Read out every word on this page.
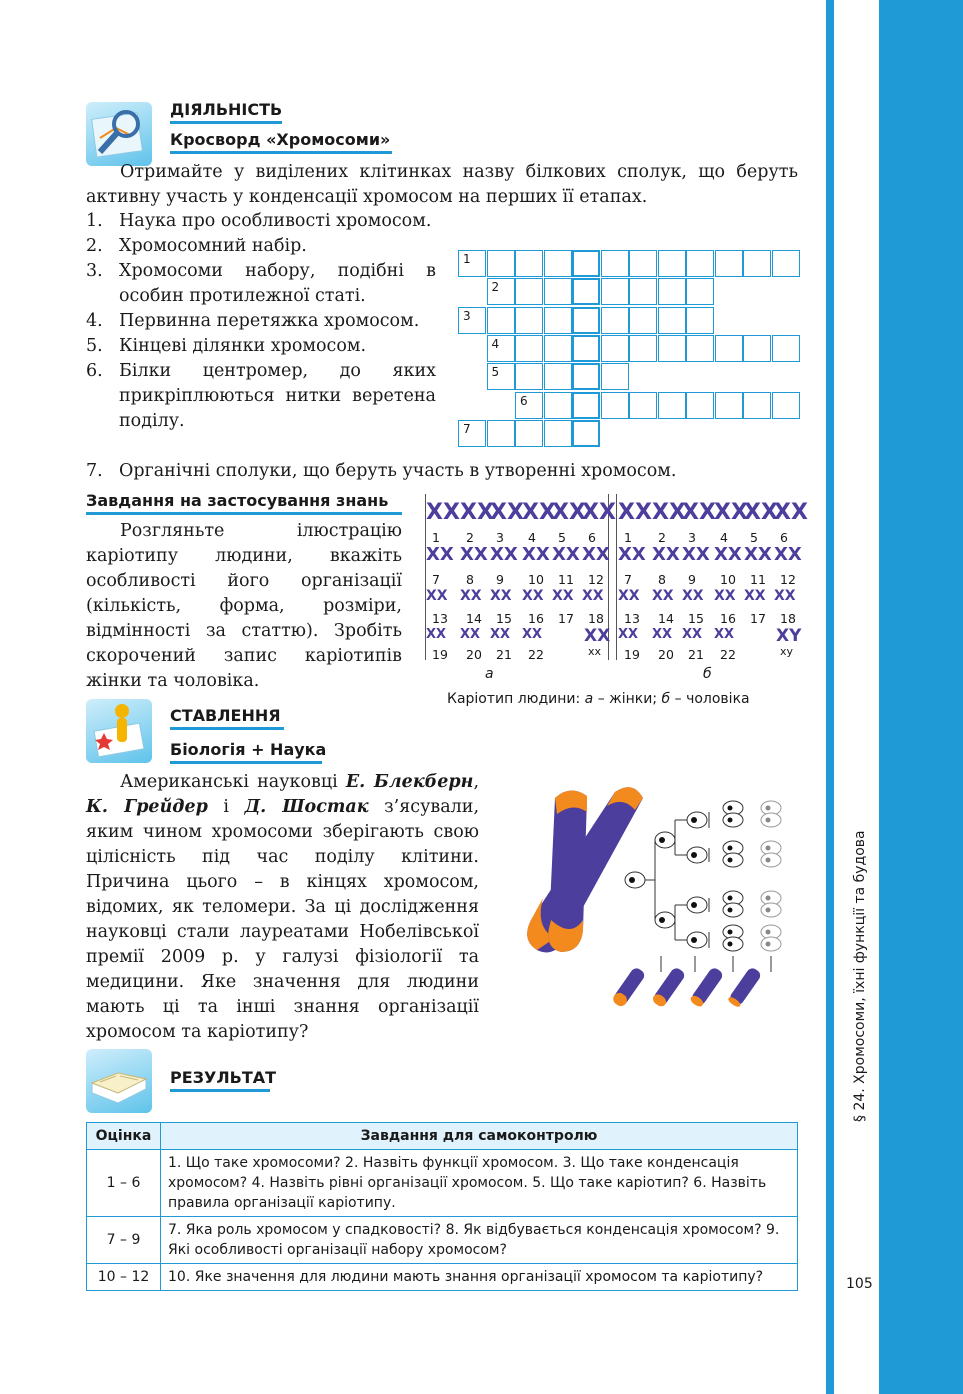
§ 24. Хромосоми, їхні функції та будова
105
ДІЯЛЬНІСТЬ
Кросворд «Хромосоми»
Отримайте у виділених клітинках назву білкових сполук, що беруть активну участь у конденсації хромосом на перших її етапах.
1. Наука про особливості хромосом.
2. Хромосомний набір.
3. Хромосоми набору, подібні в особин протилежної статі.
4. Первинна перетяжка хромосом.
5. Кінцеві ділянки хромосом.
6. Білки центромер, до яких прикріплюються нитки веретена поділу.
7. Органічні сполуки, що беруть участь в утворенні хромосом.
1
2
3
4
5
6
7
Завдання на застосування знань
Розгляньте ілюстрацію каріотипу людини, вкажіть особливості його організації (кількість, форма, розміри, відмінності за статтю). Зробіть скорочений запис каріотипів жінки та чоловіка.
XX
1
XX
2
XX
3
XX
4
XX
5
XX
6
XX
7
XX
8
XX
9
XX
10
XX
11
XX
12
XX
13
XX
14
XX
15
XX
16
XX
17
XX
18
XX
19
XX
20
XX
21
XX
22
XX
xx
XX
1
XX
2
XX
3
XX
4
XX
5
XX
6
XX
7
XX
8
XX
9
XX
10
XX
11
XX
12
XX
13
XX
14
XX
15
XX
16
XX
17
XX
18
XX
19
XX
20
XX
21
XX
22
XY
xy
а	б
Каріотип людини: а – жінки; б – чоловіка
СТАВЛЕННЯ
Біологія + Наука
Американські науковці Е. Блекберн, К. Грейдер і Д. Шостак з’ясували, яким чином хромосоми зберігають свою цілісність під час поділу клітини. Причина цього – в кінцях хромосом, відомих, як теломери. За ці дослідження науковці стали лауреатами Нобелівської премії 2009 р. у галузі фізіології та медицини. Яке значення для людини мають ці та інші знання організації хромосом та каріотипу?
РЕЗУЛЬТАТ
Оцінка	Завдання для самоконтролю
1 – 6	1. Що таке хромосоми? 2. Назвіть функції хромосом. 3. Що таке конденсація хромосом? 4. Назвіть рівні організації хромосом. 5. Що таке каріотип? 6. Назвіть правила організації каріотипу.
7 – 9	7. Яка роль хромосом у спадковості? 8. Як відбувається конденсація хромосом? 9. Які особливості організації набору хромосом?
10 – 12	10. Яке значення для людини мають знання організації хромосом та каріотипу?
